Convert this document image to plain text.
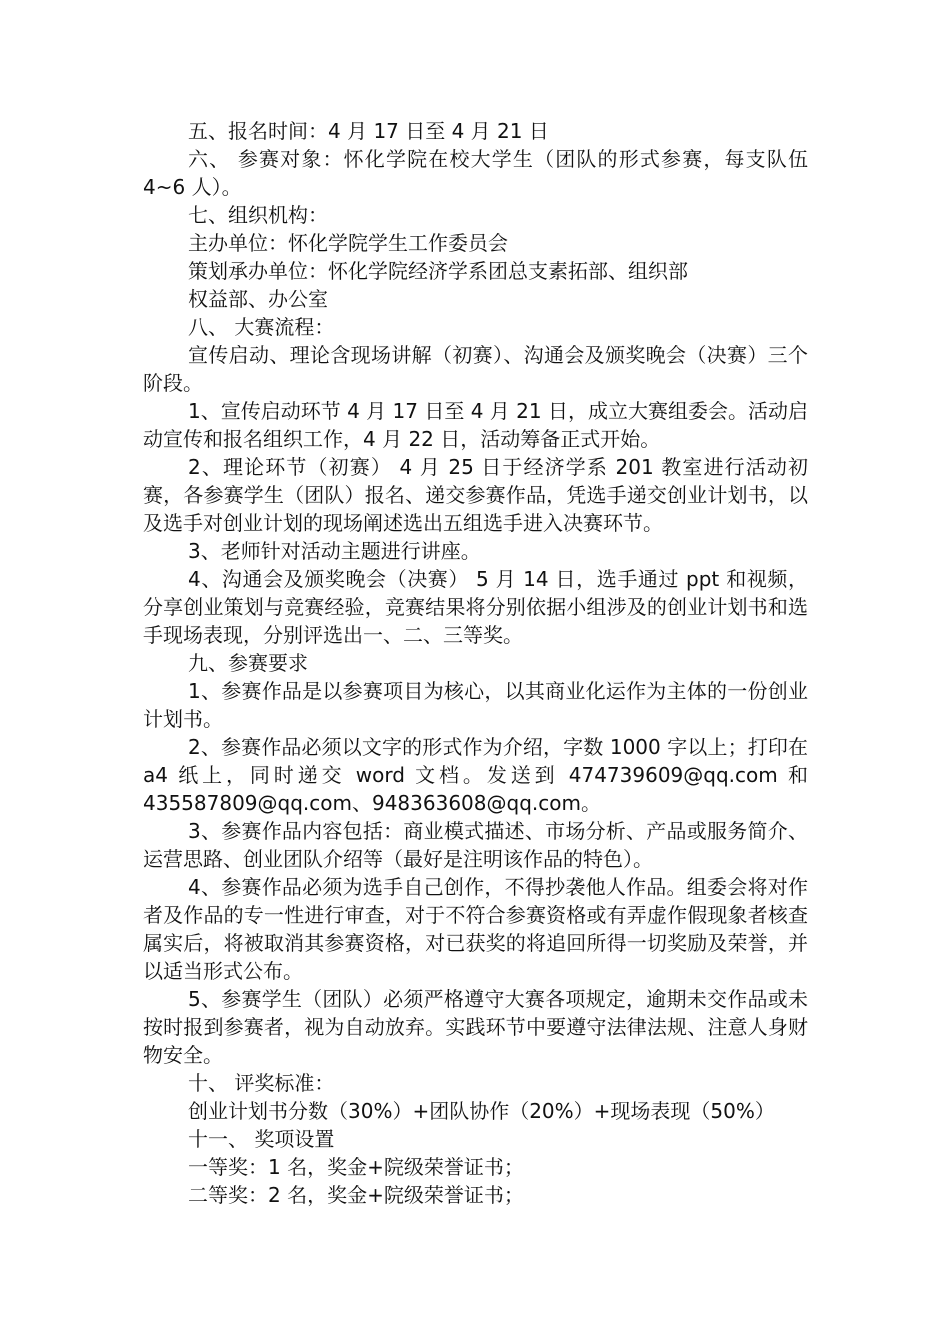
五、报名时间：4 月 17 日至 4 月 21 日

六、 参赛对象：怀化学院在校大学生（团队的形式参赛，每支队伍 4~6 人）。

七、组织机构：

主办单位：怀化学院学生工作委员会

策划承办单位：怀化学院经济学系团总支素拓部、组织部

权益部、办公室

八、 大赛流程：

宣传启动、理论含现场讲解（初赛）、沟通会及颁奖晚会（决赛）三个阶段。

1、宣传启动环节 4 月 17 日至 4 月 21 日，成立大赛组委会。活动启动宣传和报名组织工作，4 月 22 日，活动筹备正式开始。

2、理论环节（初赛） 4 月 25 日于经济学系 201 教室进行活动初赛，各参赛学生（团队）报名、递交参赛作品，凭选手递交创业计划书，以及选手对创业计划的现场阐述选出五组选手进入决赛环节。

3、老师针对活动主题进行讲座。

4、沟通会及颁奖晚会（决赛） 5 月 14 日，选手通过 ppt 和视频，分享创业策划与竞赛经验，竞赛结果将分别依据小组涉及的创业计划书和选手现场表现，分别评选出一、二、三等奖。

九、参赛要求

1、参赛作品是以参赛项目为核心，以其商业化运作为主体的一份创业计划书。

2、参赛作品必须以文字的形式作为介绍，字数 1000 字以上；打印在 a4 纸上，同时递交 word 文档。发送到 474739609@qq.com 和 435587809@qq.com、948363608@qq.com。

3、参赛作品内容包括：商业模式描述、市场分析、产品或服务简介、运营思路、创业团队介绍等（最好是注明该作品的特色）。

4、参赛作品必须为选手自己创作，不得抄袭他人作品。组委会将对作者及作品的专一性进行审查，对于不符合参赛资格或有弄虚作假现象者核查属实后，将被取消其参赛资格，对已获奖的将追回所得一切奖励及荣誉，并以适当形式公布。

5、参赛学生（团队）必须严格遵守大赛各项规定，逾期未交作品或未按时报到参赛者，视为自动放弃。实践环节中要遵守法律法规、注意人身财物安全。

十、 评奖标准：

创业计划书分数（30%）+团队协作（20%）+现场表现（50%）

十一、 奖项设置

一等奖：1 名，奖金+院级荣誉证书；

二等奖：2 名，奖金+院级荣誉证书；
